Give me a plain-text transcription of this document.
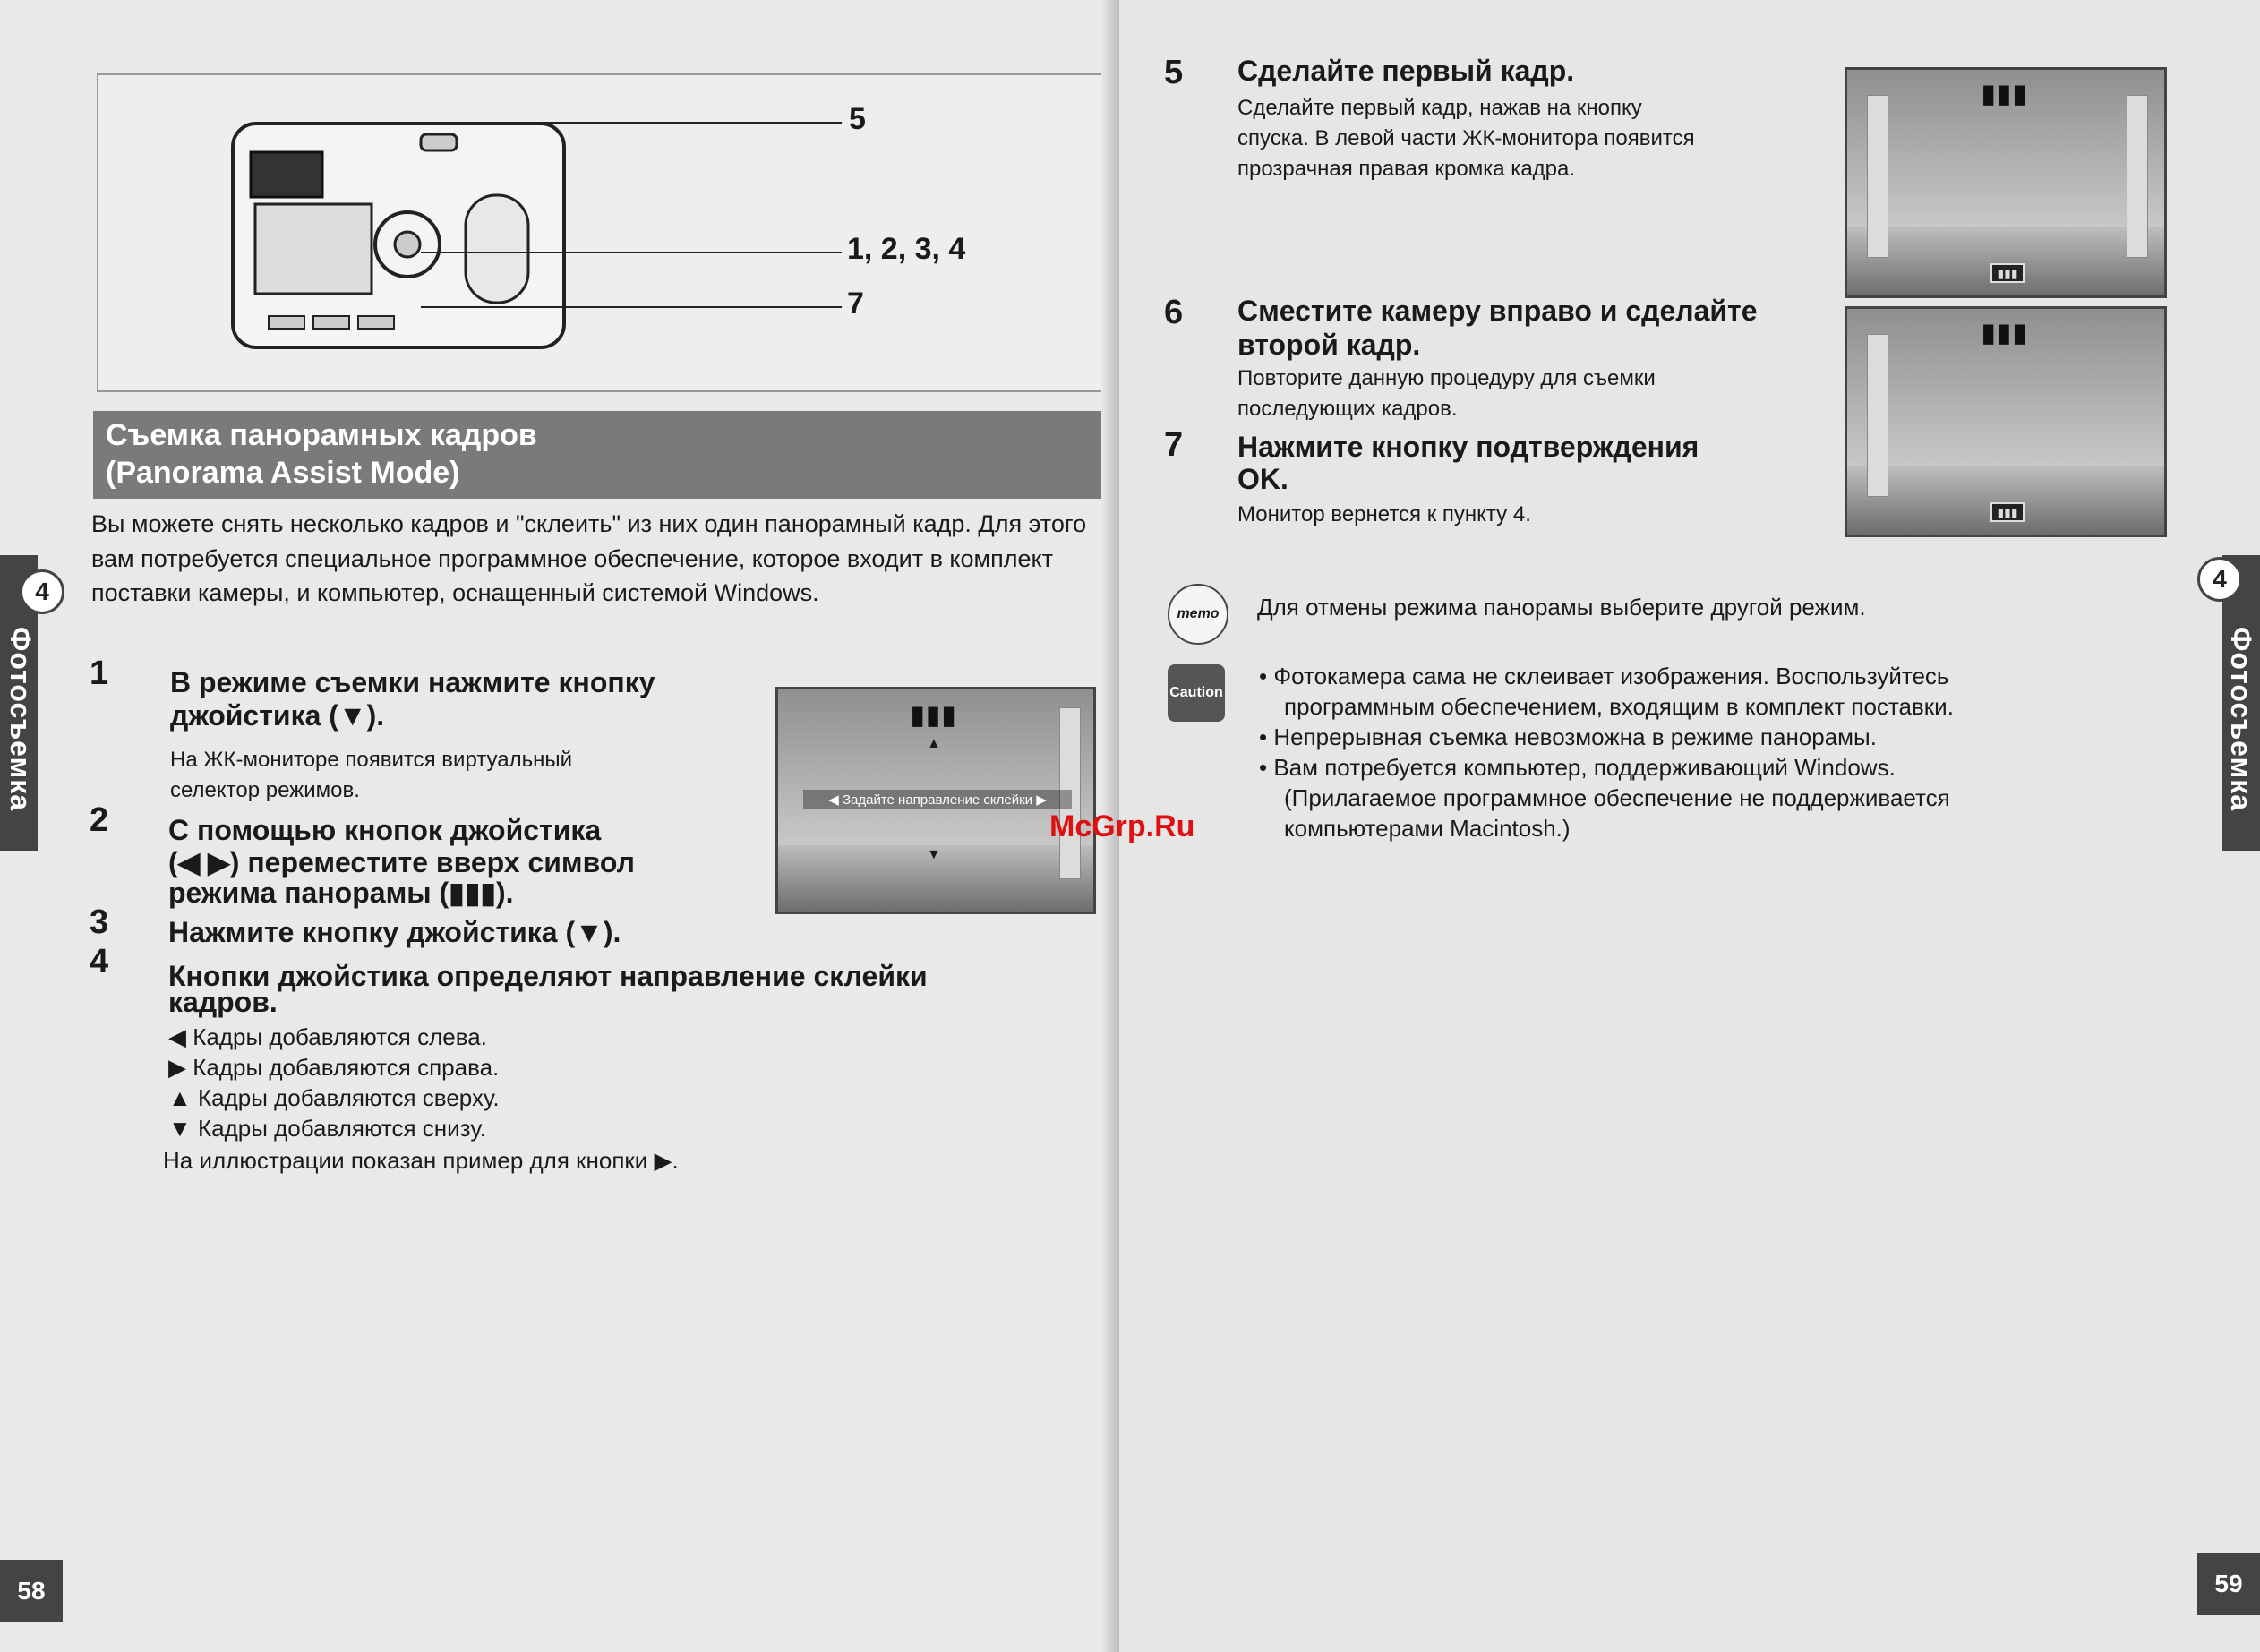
4
Фотосъемка
58
5
1, 2, 3, 4
7
Съемка панорамных кадров
(Panorama Assist Mode)
Вы можете снять несколько кадров и "склеить" из них один панорамный кадр. Для этого вам потребуется специальное программное обеспечение, которое входит в комплект поставки камеры, и компьютер, оснащенный системой Windows.
1 В режиме съемки нажмите кнопку
джойстика (▼).
На ЖК-мониторе появится виртуальный
селектор режимов.
2 С помощью кнопок джойстика
(◀ ▶) переместите вверх символ
режима панорамы (▮▮▮).
3 Нажмите кнопку джойстика (▼).
4 Кнопки джойстика определяют направление склейки
кадров.
◀ Кадры добавляются слева.
▶ Кадры добавляются справа.
▲ Кадры добавляются сверху.
▼ Кадры добавляются снизу.
На иллюстрации показан пример для кнопки ▶.
▮▮▮
▲
◀ Задайте направление склейки ▶
▼
4
Фотосъемка
59
5 Сделайте первый кадр.
Сделайте первый кадр, нажав на кнопку
спуска. В левой части ЖК-монитора появится
прозрачная правая кромка кадра.
6 Сместите камеру вправо и сделайте
второй кадр.
Повторите данную процедуру для съемки
последующих кадров.
7 Нажмите кнопку подтверждения
OK.
Монитор вернется к пункту 4.
▮▮▮
▮▮▮
▮▮▮
▮▮▮
memo	Для отмены режима панорамы выберите другой режим.
Caution
• Фотокамера сама не склеивает изображения. Воспользуйтесь
программным обеспечением, входящим в комплект поставки.
• Непрерывная съемка невозможна в режиме панорамы.
• Вам потребуется компьютер, поддерживающий Windows.
(Прилагаемое программное обеспечение не поддерживается
компьютерами Macintosh.)
McGrp.Ru
